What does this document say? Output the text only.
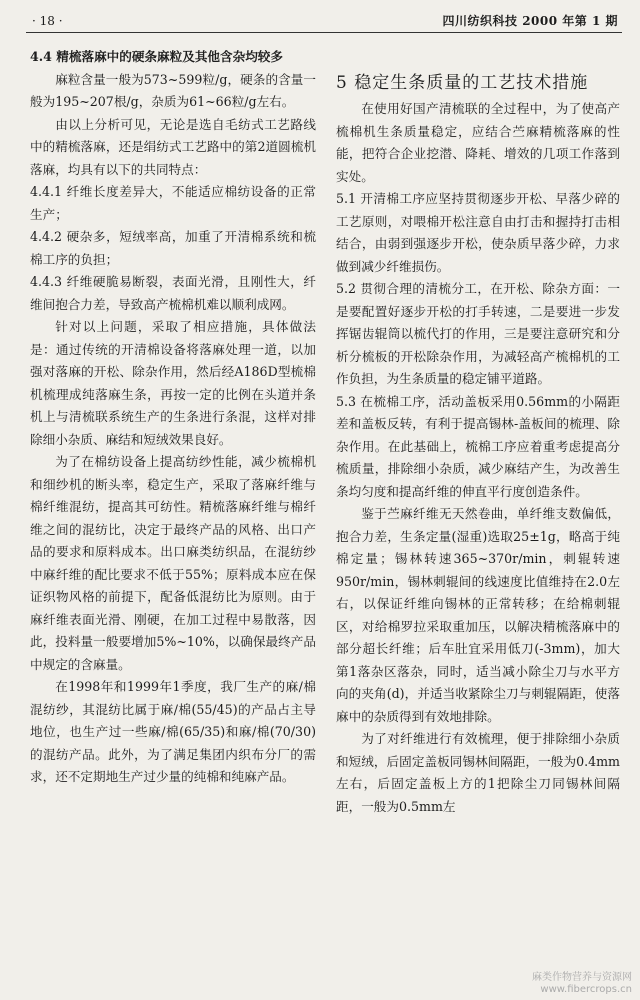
· 18 ·	四川纺织科技 2000 年第 1 期

4.4 精梳落麻中的硬条麻粒及其他含杂均较多

麻粒含量一般为573~599粒/g，硬条的含量一般为195~207根/g，杂质为61~66粒/g左右。

由以上分析可见，无论是选自毛纺式工艺路线中的精梳落麻，还是绢纺式工艺路中的第2道圆梳机落麻，均具有以下的共同特点：

4.4.1 纤维长度差异大，不能适应棉纺设备的正常生产；

4.4.2 硬杂多，短绒率高，加重了开清棉系统和梳棉工序的负担；

4.4.3 纤维硬脆易断裂，表面光滑，且刚性大，纤维间抱合力差，导致高产梳棉机难以顺利成网。

针对以上问题，采取了相应措施，具体做法是：通过传统的开清棉设备将落麻处理一道，以加强对落麻的开松、除杂作用，然后经A186D型梳棉机梳理成纯落麻生条，再按一定的比例在头道并条机上与清梳联系统生产的生条进行条混，这样对排除细小杂质、麻结和短绒效果良好。

为了在棉纺设备上提高纺纱性能，减少梳棉机和细纱机的断头率，稳定生产，采取了落麻纤维与棉纤维混纺，提高其可纺性。精梳落麻纤维与棉纤维之间的混纺比，决定于最终产品的风格、出口产品的要求和原料成本。出口麻类纺织品，在混纺纱中麻纤维的配比要求不低于55%；原料成本应在保证织物风格的前提下，配备低混纺比为原则。由于麻纤维表面光滑、刚硬，在加工过程中易散落，因此，投料量一般要增加5%~10%，以确保最终产品中规定的含麻量。

在1998年和1999年1季度，我厂生产的麻/棉混纺纱，其混纺比属于麻/棉(55/45)的产品占主导地位，也生产过一些麻/棉(65/35)和麻/棉(70/30)的混纺产品。此外，为了满足集团内织布分厂的需求，还不定期地生产过少量的纯棉和纯麻产品。

5 稳定生条质量的工艺技术措施

在使用好国产清梳联的全过程中，为了使高产梳棉机生条质量稳定，应结合苎麻精梳落麻的性能，把符合企业挖潜、降耗、增效的几项工作落到实处。

5.1 开清棉工序应坚持贯彻逐步开松、早落少碎的工艺原则，对喂棉开松注意自由打击和握持打击相结合，由弱到强逐步开松，使杂质早落少碎，力求做到减少纤维损伤。

5.2 贯彻合理的清梳分工，在开松、除杂方面：一是要配置好逐步开松的打手转速，二是要进一步发挥锯齿辊筒以梳代打的作用，三是要注意研究和分析分梳板的开松除杂作用，为减轻高产梳棉机的工作负担，为生条质量的稳定铺平道路。

5.3 在梳棉工序，活动盖板采用0.56mm的小隔距差和盖板反转，有利于提高锡林-盖板间的梳理、除杂作用。在此基础上，梳棉工序应着重考虑提高分梳质量，排除细小杂质，减少麻结产生，为改善生条均匀度和提高纤维的伸直平行度创造条件。

鉴于苎麻纤维无天然卷曲，单纤维支数偏低，抱合力差，生条定量(湿重)选取25±1g，略高于纯棉定量；锡林转速365~370r/min，刺辊转速950r/min，锡林刺辊间的线速度比值维持在2.0左右，以保证纤维向锡林的正常转移；在给棉刺辊区，对给棉罗拉采取重加压，以解决精梳落麻中的部分超长纤维；后车肚宜采用低刀(-3mm)，加大第1落杂区落杂，同时，适当减小除尘刀与水平方向的夹角(d)，并适当收紧除尘刀与刺辊隔距，使落麻中的杂质得到有效地排除。

为了对纤维进行有效梳理，便于排除细小杂质和短绒，后固定盖板同锡林间隔距，一般为0.4mm左右，后固定盖板上方的1把除尘刀同锡林间隔距，一般为0.5mm左

麻类作物营养与资源网
www.fibercrops.cn
